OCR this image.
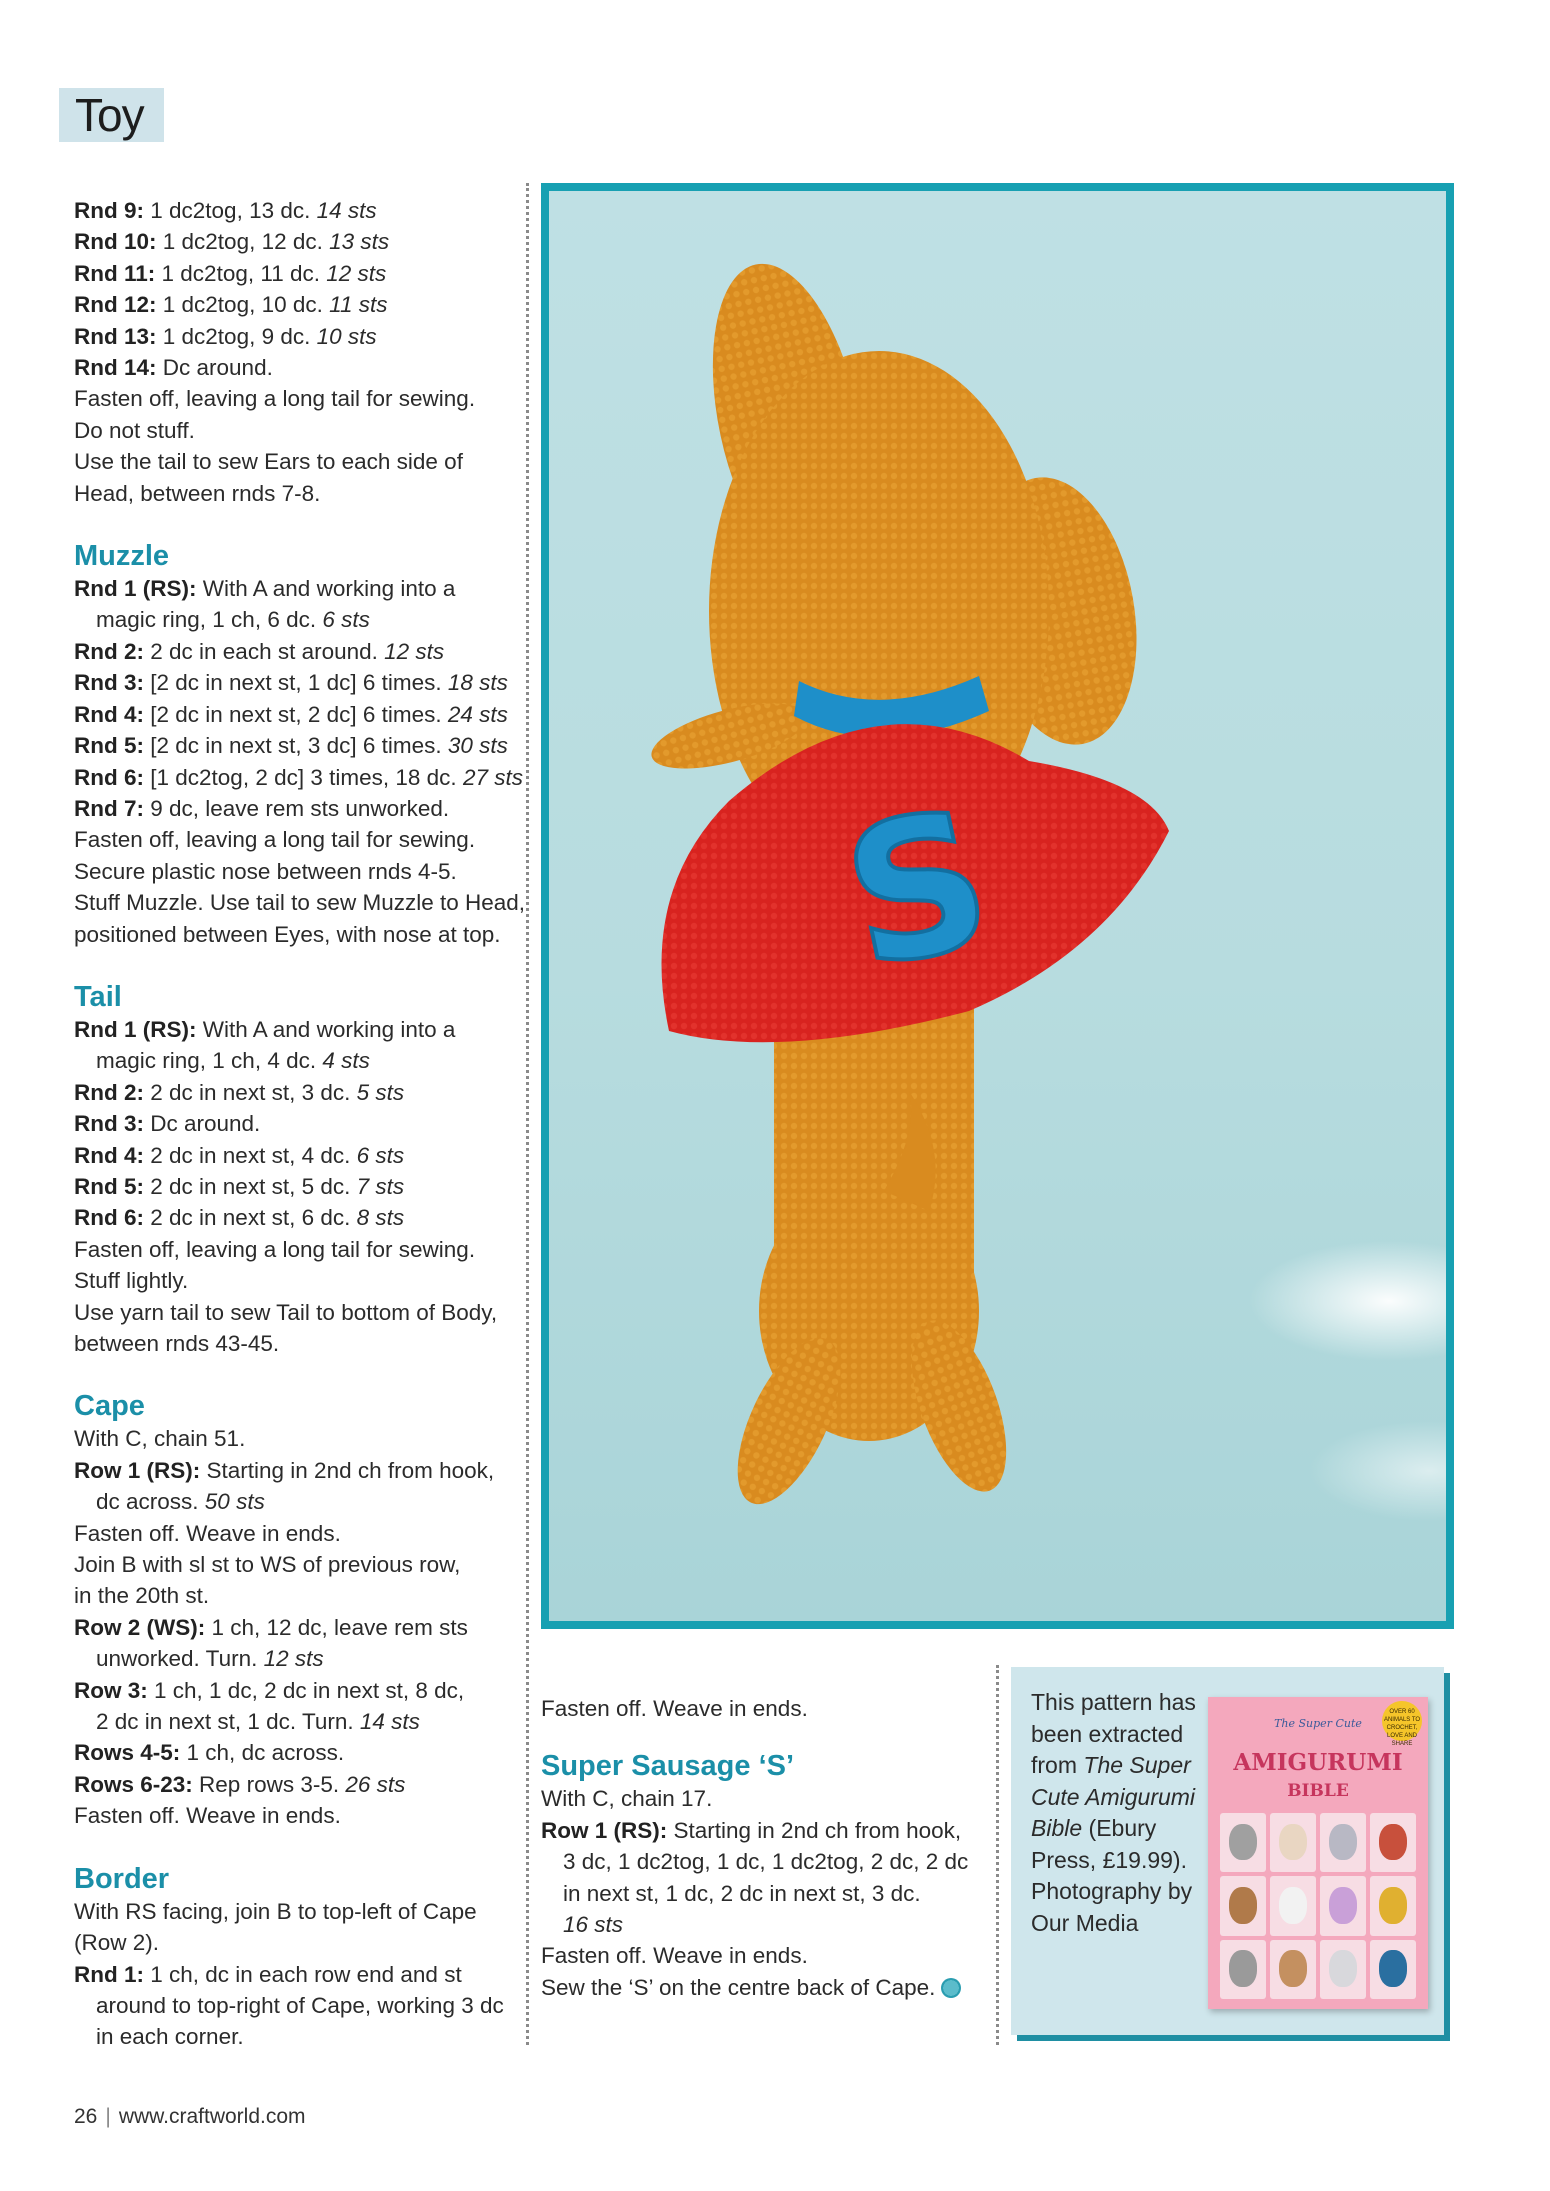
Toy
Rnd 9: 1 dc2tog, 13 dc. 14 sts
Rnd 10: 1 dc2tog, 12 dc. 13 sts
Rnd 11: 1 dc2tog, 11 dc. 12 sts
Rnd 12: 1 dc2tog, 10 dc. 11 sts
Rnd 13: 1 dc2tog, 9 dc. 10 sts
Rnd 14: Dc around.
Fasten off, leaving a long tail for sewing.
Do not stuff.
Use the tail to sew Ears to each side of
Head, between rnds 7-8.
Muzzle
Rnd 1 (RS): With A and working into a
magic ring, 1 ch, 6 dc. 6 sts
Rnd 2: 2 dc in each st around. 12 sts
Rnd 3: [2 dc in next st, 1 dc] 6 times. 18 sts
Rnd 4: [2 dc in next st, 2 dc] 6 times. 24 sts
Rnd 5: [2 dc in next st, 3 dc] 6 times. 30 sts
Rnd 6: [1 dc2tog, 2 dc] 3 times, 18 dc. 27 sts
Rnd 7: 9 dc, leave rem sts unworked.
Fasten off, leaving a long tail for sewing.
Secure plastic nose between rnds 4-5.
Stuff Muzzle. Use tail to sew Muzzle to Head,
positioned between Eyes, with nose at top.
Tail
Rnd 1 (RS): With A and working into a
magic ring, 1 ch, 4 dc. 4 sts
Rnd 2: 2 dc in next st, 3 dc. 5 sts
Rnd 3: Dc around.
Rnd 4: 2 dc in next st, 4 dc. 6 sts
Rnd 5: 2 dc in next st, 5 dc. 7 sts
Rnd 6: 2 dc in next st, 6 dc. 8 sts
Fasten off, leaving a long tail for sewing.
Stuff lightly.
Use yarn tail to sew Tail to bottom of Body,
between rnds 43-45.
Cape
With C, chain 51.
Row 1 (RS): Starting in 2nd ch from hook,
dc across. 50 sts
Fasten off. Weave in ends.
Join B with sl st to WS of previous row,
in the 20th st.
Row 2 (WS): 1 ch, 12 dc, leave rem sts
unworked. Turn. 12 sts
Row 3: 1 ch, 1 dc, 2 dc in next st, 8 dc,
2 dc in next st, 1 dc. Turn. 14 sts
Rows 4-5: 1 ch, dc across.
Rows 6-23: Rep rows 3-5. 26 sts
Fasten off. Weave in ends.
Border
With RS facing, join B to top-left of Cape
(Row 2).
Rnd 1: 1 ch, dc in each row end and st
around to top-right of Cape, working 3 dc
in each corner.
Fasten off. Weave in ends.
Super Sausage ‘S’
With C, chain 17.
Row 1 (RS): Starting in 2nd ch from hook,
3 dc, 1 dc2tog, 1 dc, 1 dc2tog, 2 dc, 2 dc
in next st, 1 dc, 2 dc in next st, 3 dc.
16 sts
Fasten off. Weave in ends.
Sew the ‘S’ on the centre back of Cape.
S
This pattern has been extracted from The Super Cute Amigurumi Bible (Ebury Press, £19.99). Photography by Our Media
The Super Cute
OVER 60 ANIMALS TO CROCHET, LOVE AND SHARE
AMIGURUMI
BIBLE
26 | www.craftworld.com
